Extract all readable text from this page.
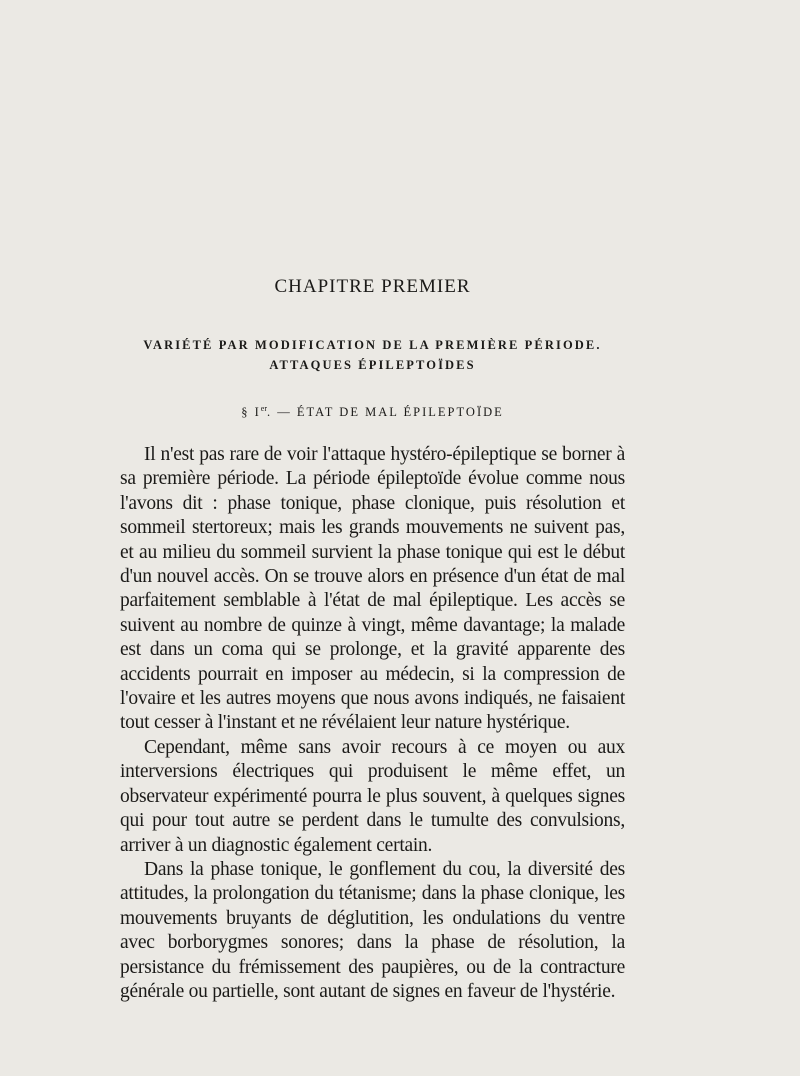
CHAPITRE PREMIER
VARIÉTÉ PAR MODIFICATION DE LA PREMIÈRE PÉRIODE.
ATTAQUES ÉPILEPTOÏDES
§ Ier. — ÉTAT DE MAL ÉPILEPTOÏDE

Il n'est pas rare de voir l'attaque hystéro-épileptique se borner à sa première période. La période épileptoïde évolue comme nous l'avons dit : phase tonique, phase clonique, puis résolution et sommeil stertoreux; mais les grands mouvements ne suivent pas, et au milieu du sommeil survient la phase tonique qui est le début d'un nouvel accès. On se trouve alors en présence d'un état de mal parfaitement semblable à l'état de mal épileptique. Les accès se suivent au nombre de quinze à vingt, même davantage; la malade est dans un coma qui se prolonge, et la gravité apparente des accidents pourrait en imposer au médecin, si la compression de l'ovaire et les autres moyens que nous avons indiqués, ne faisaient tout cesser à l'instant et ne révélaient leur nature hystérique.

Cependant, même sans avoir recours à ce moyen ou aux interversions électriques qui produisent le même effet, un observateur expérimenté pourra le plus souvent, à quelques signes qui pour tout autre se perdent dans le tumulte des convulsions, arriver à un diagnostic également certain.

Dans la phase tonique, le gonflement du cou, la diversité des attitudes, la prolongation du tétanisme; dans la phase clonique, les mouvements bruyants de déglutition, les ondulations du ventre avec borborygmes sonores; dans la phase de résolution, la persistance du frémissement des paupières, ou de la contracture générale ou partielle, sont autant de signes en faveur de l'hystérie.
